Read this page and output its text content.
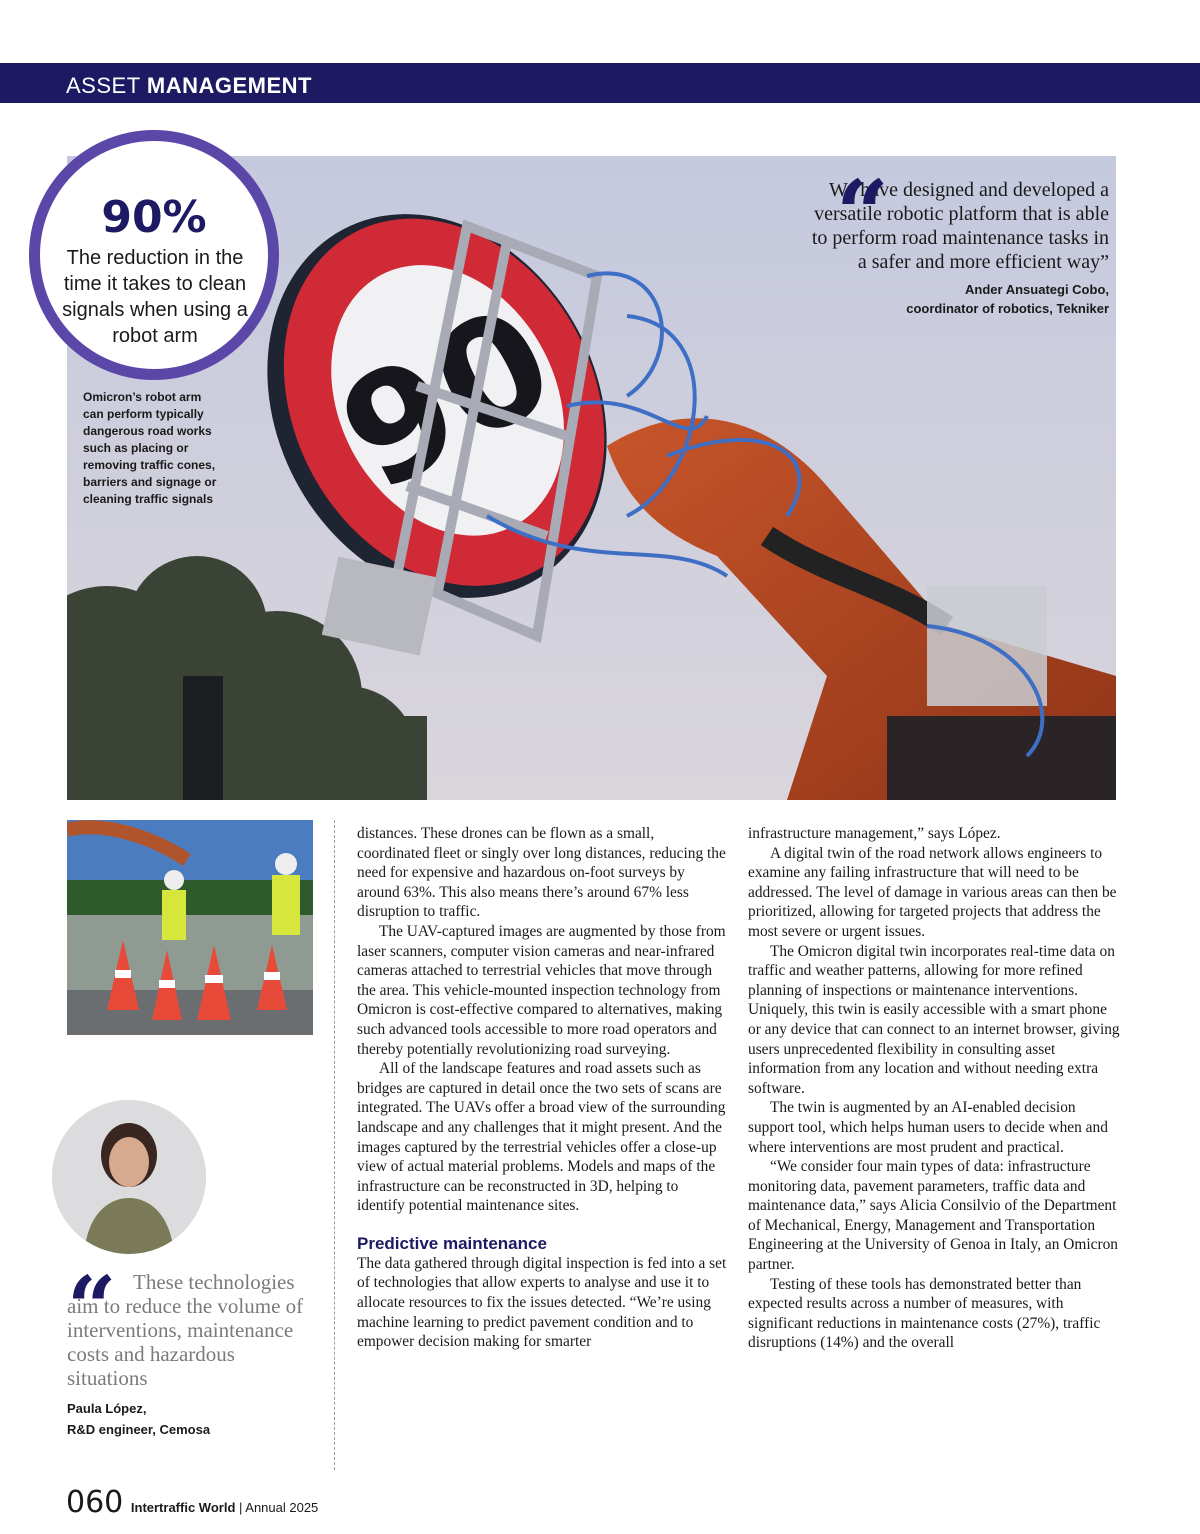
ASSET MANAGEMENT
90
90%
The reduction in the time it takes to clean signals when using a robot arm
Omicron’s robot arm can perform typically dangerous road works such as placing or removing traffic cones, barriers and signage or cleaning traffic signals
“
We have designed and developed a versatile robotic platform that is able to perform road maintenance tasks in a safer and more efficient way”
Ander Ansuategi Cobo,
coordinator of robotics, Tekniker
“ These technologies aim to reduce the volume of interventions, maintenance costs and hazardous situations
Paula López,
R&D engineer, Cemosa

distances. These drones can be flown as a small, coordinated fleet or singly over long distances, reducing the need for expensive and hazardous on-foot surveys by around 63%. This also means there’s around 67% less disruption to traffic.

The UAV-captured images are augmented by those from laser scanners, computer vision cameras and near-infrared cameras attached to terrestrial vehicles that move through the area. This vehicle-mounted inspection technology from Omicron is cost-effective compared to alternatives, making such advanced tools accessible to more road operators and thereby potentially revolutionizing road surveying.

All of the landscape features and road assets such as bridges are captured in detail once the two sets of scans are integrated. The UAVs offer a broad view of the surrounding landscape and any challenges that it might present. And the images captured by the terrestrial vehicles offer a close-up view of actual material problems. Models and maps of the infrastructure can be reconstructed in 3D, helping to identify potential maintenance sites.

Predictive maintenance

The data gathered through digital inspection is fed into a set of technologies that allow experts to analyse and use it to allocate resources to fix the issues detected. “We’re using machine learning to predict pavement condition and to empower decision making for smarter

infrastructure management,” says López.

A digital twin of the road network allows engineers to examine any failing infrastructure that will need to be addressed. The level of damage in various areas can then be prioritized, allowing for targeted projects that address the most severe or urgent issues.

The Omicron digital twin incorporates real-time data on traffic and weather patterns, allowing for more refined planning of inspections or maintenance interventions. Uniquely, this twin is easily accessible with a smart phone or any device that can connect to an internet browser, giving users unprecedented flexibility in consulting asset information from any location and without needing extra software.

The twin is augmented by an AI-enabled decision support tool, which helps human users to decide when and where interventions are most prudent and practical.

“We consider four main types of data: infrastructure monitoring data, pavement parameters, traffic data and maintenance data,” says Alicia Consilvio of the Department of Mechanical, Energy, Management and Transportation Engineering at the University of Genoa in Italy, an Omicron partner.

Testing of these tools has demonstrated better than expected results across a number of measures, with significant reductions in maintenance costs (27%), traffic disruptions (14%) and the overall

060 Intertraffic World | Annual 2025
